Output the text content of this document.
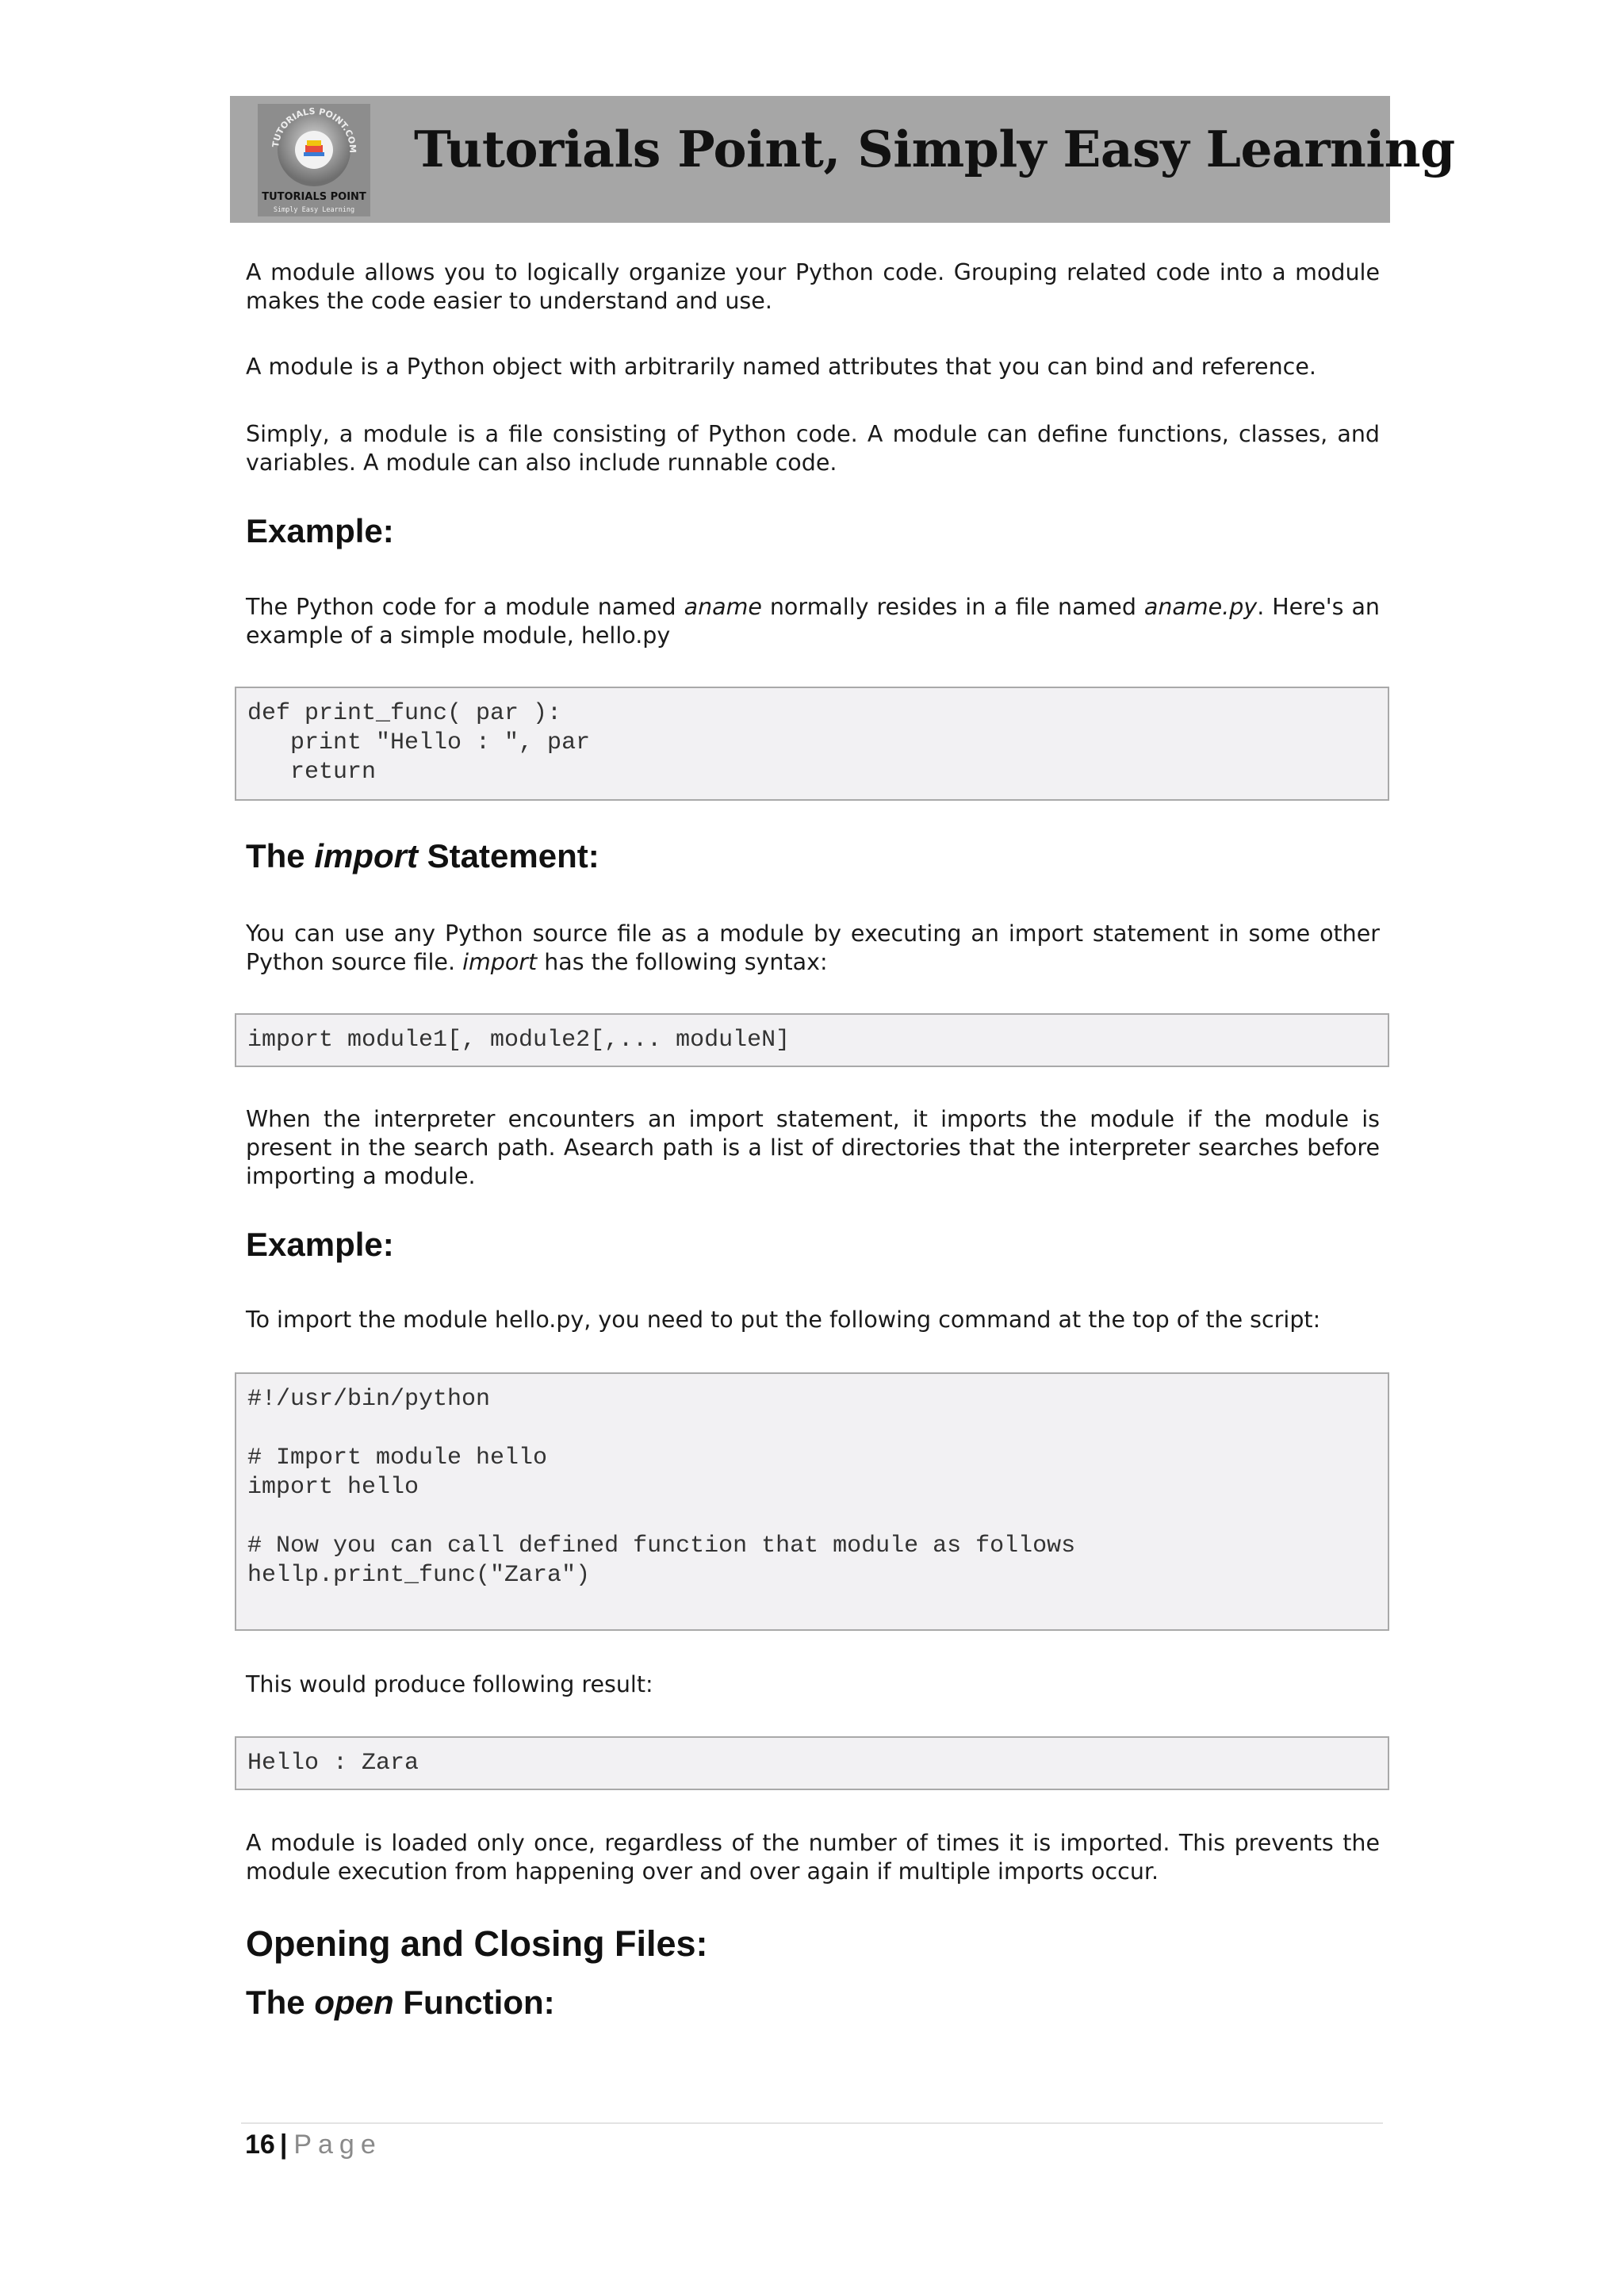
TUTORIALS POINT.COM
TUTORIALS POINT
Simply Easy Learning
Tutorials Point, Simply Easy Learning

A module allows you to logically organize your Python code. Grouping related code into a module makes the code easier to understand and use.

A module is a Python object with arbitrarily named attributes that you can bind and reference.

Simply, a module is a file consisting of Python code. A module can define functions, classes, and variables. A module can also include runnable code.

Example:

The Python code for a module named aname normally resides in a file named aname.py. Here's an example of a simple module, hello.py

def print_func( par ):
print "Hello : ", par
return
The import Statement:

You can use any Python source file as a module by executing an import statement in some other Python source file. import has the following syntax:

import module1[, module2[,... moduleN]

When the interpreter encounters an import statement, it imports the module if the module is present in the search path. Asearch path is a list of directories that the interpreter searches before importing a module.

Example:

To import the module hello.py, you need to put the following command at the top of the script:

#!/usr/bin/python

# Import module hello
import hello

# Now you can call defined function that module as follows
hellp.print_func("Zara")

This would produce following result:

Hello : Zara

A module is loaded only once, regardless of the number of times it is imported. This prevents the module execution from happening over and over again if multiple imports occur.

Opening and Closing Files:
The open Function:
16 | Page
